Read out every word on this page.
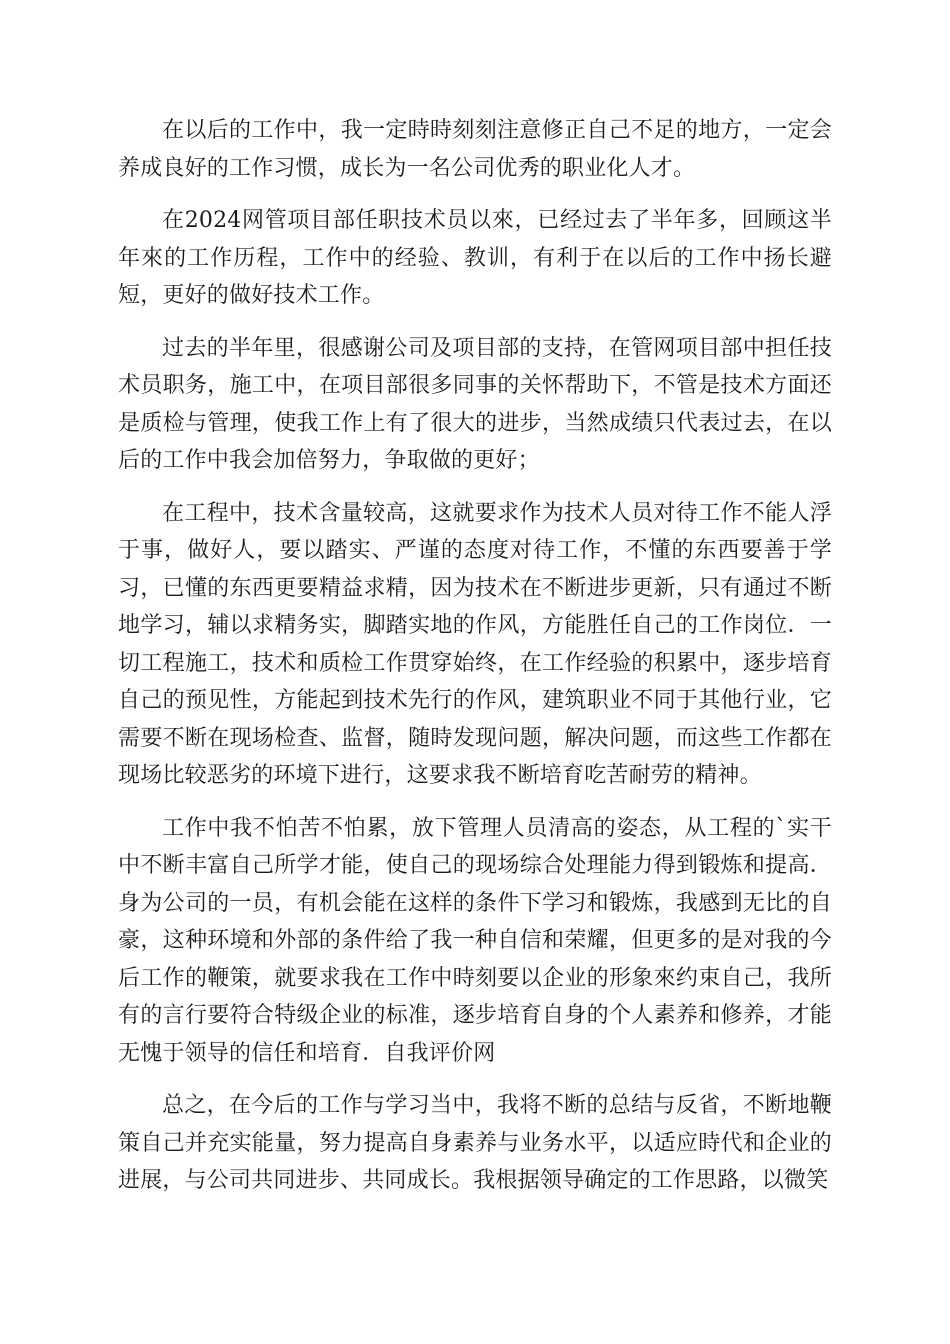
在以后的工作中，我一定時時刻刻注意修正自己不足的地方，一定会养成良好的工作习惯，成长为一名公司优秀的职业化人才。

在2024网管项目部任职技术员以來，已经过去了半年多，回顾这半年來的工作历程，工作中的经验、教训，有利于在以后的工作中扬长避短，更好的做好技术工作。

过去的半年里，很感谢公司及项目部的支持，在管网项目部中担任技术员职务，施工中，在项目部很多同事的关怀帮助下，不管是技术方面还是质检与管理，使我工作上有了很大的进步，当然成绩只代表过去，在以后的工作中我会加倍努力，争取做的更好；

在工程中，技术含量较高，这就要求作为技术人员对待工作不能人浮于事，做好人，要以踏实、严谨的态度对待工作，不懂的东西要善于学习，已懂的东西更要精益求精，因为技术在不断进步更新，只有通过不断地学习，辅以求精务实，脚踏实地的作风，方能胜任自己的工作岗位．一切工程施工，技术和质检工作贯穿始终，在工作经验的积累中，逐步培育自己的预见性，方能起到技术先行的作风，建筑职业不同于其他行业，它需要不断在现场检查、监督，随時发现问题，解决问题，而这些工作都在现场比较恶劣的环境下进行，这要求我不断培育吃苦耐劳的精神。

工作中我不怕苦不怕累，放下管理人员清高的姿态，从工程的`实干中不断丰富自己所学才能，使自己的现场综合处理能力得到锻炼和提高．身为公司的一员，有机会能在这样的条件下学习和锻炼，我感到无比的自豪，这种环境和外部的条件给了我一种自信和荣耀，但更多的是对我的今后工作的鞭策，就要求我在工作中時刻要以企业的形象來约束自己，我所有的言行要符合特级企业的标准，逐步培育自身的个人素养和修养，才能无愧于领导的信任和培育．自我评价网

总之，在今后的工作与学习当中，我将不断的总结与反省，不断地鞭策自己并充实能量，努力提高自身素养与业务水平，以适应時代和企业的进展，与公司共同进步、共同成长。我根据领导确定的工作思路，以微笑
